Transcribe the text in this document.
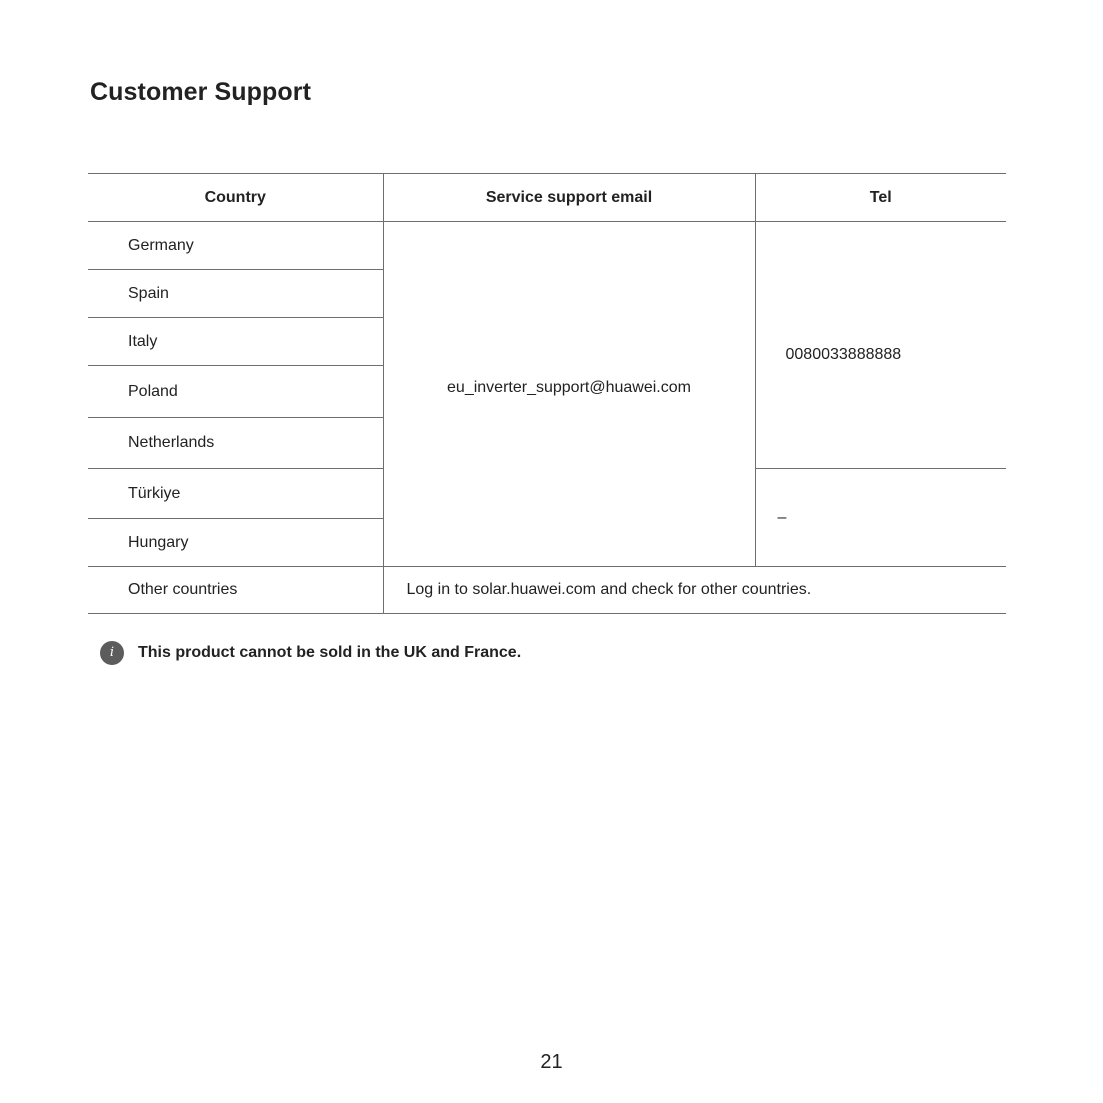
Customer Support
Country	Service support email	Tel
Germany	eu_inverter_support@huawei.com	0080033888888

Spain		
Italy		
Poland		
Netherlands		
Türkiye		–
Hungary		
Other countries	Log in to solar.huawei.com and check for other countries.	
i	This product cannot be sold in the UK and France.
21
